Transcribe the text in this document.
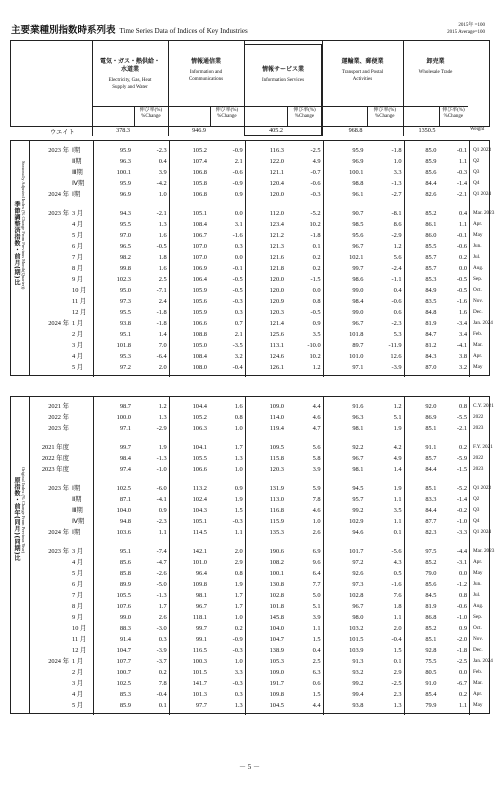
主要業種別指数時系列表 Time Series Data of Indices of Key Industries
2015年 =100
2015 Average=100
電気・ガス・熱供給・
水道業
Electricity, Gas, Heat
Supply and Water
伸び率(%)
%Change
情報通信業
Information and
Communications
伸び率(%)
%Change
情報サービス業
Information Services
伸び率(%)
%Change
運輸業、郵便業
Transport and Postal
Activities
伸び率(%)
%Change
卸売業
Wholesale Trade
伸び率(%)
%Change
季節調整済指数・前月(期)比 Seasonally Adjusted Index (% Change From Previous Month(Quarter))
2023 年 Ⅰ期	95.9	-2.3	105.2	-0.9	116.3	-2.5	95.9	-1.8	85.0	-0.1 Q1 2023
Ⅱ期	96.3	0.4	107.4	2.1	122.0	4.9	96.9	1.0	85.9	1.1 Q2
Ⅲ期	100.1	3.9	106.8	-0.6	121.1	-0.7	100.1	3.3	85.6	-0.3 Q3
Ⅳ期	95.9	-4.2	105.8	-0.9	120.4	-0.6	98.8	-1.3	84.4	-1.4 Q4
2024 年 Ⅰ期	96.9	1.0	106.8	0.9	120.0	-0.3	96.1	-2.7	82.6	-2.1 Q1 2024
2023 年 3 月	94.3	-2.1	105.1	0.0	112.0	-5.2	90.7	-8.1	85.2	0.4 Mar. 2023
4 月	95.5	1.3	108.4	3.1	123.4	10.2	98.5	8.6	86.1	1.1 Apr.
5 月	97.0	1.6	106.7	-1.6	121.2	-1.8	95.6	-2.9	86.0	-0.1 May
6 月	96.5	-0.5	107.0	0.3	121.3	0.1	96.7	1.2	85.5	-0.6 Jun.
7 月	98.2	1.8	107.0	0.0	121.6	0.2	102.1	5.6	85.7	0.2 Jul.
8 月	99.8	1.6	106.9	-0.1	121.8	0.2	99.7	-2.4	85.7	0.0 Aug.
9 月	102.3	2.5	106.4	-0.5	120.0	-1.5	98.6	-1.1	85.3	-0.5 Sep.
10 月	95.0	-7.1	105.9	-0.5	120.0	0.0	99.0	0.4	84.9	-0.5 Oct.
11 月	97.3	2.4	105.6	-0.3	120.9	0.8	98.4	-0.6	83.5	-1.6 Nov.
12 月	95.5	-1.8	105.9	0.3	120.3	-0.5	99.0	0.6	84.8	1.6 Dec.
2024 年 1 月	93.8	-1.8	106.6	0.7	121.4	0.9	96.7	-2.3	81.9	-3.4 Jan. 2024
2 月	95.1	1.4	108.8	2.1	125.6	3.5	101.8	5.3	84.7	3.4 Feb.
3 月	101.8	7.0	105.0	-3.5	113.1	-10.0	89.7	-11.9	81.2	-4.1 Mar.
4 月	95.3	-6.4	108.4	3.2	124.6	10.2	101.0	12.6	84.3	3.8 Apr.
5 月	97.2	2.0	108.0	-0.4	126.1	1.2	97.1	-3.9	87.0	3.2 May
原指数・前年(同月)(同期)比 Original Index (% Change From Previous Year)
2021 年	98.7	1.2	104.4	1.6	109.0	4.4	91.6	1.2	92.0	0.8 C.Y. 2021
2022 年	100.0	1.3	105.2	0.8	114.0	4.6	96.3	5.1	86.9	-5.5 2022
2023 年	97.1	-2.9	106.3	1.0	119.4	4.7	98.1	1.9	85.1	-2.1 2023
2021 年度	99.7	1.9	104.1	1.7	109.5	5.6	92.2	4.2	91.1	0.2 F.Y. 2021
2022 年度	98.4	-1.3	105.5	1.3	115.8	5.8	96.7	4.9	85.7	-5.9 2022
2023 年度	97.4	-1.0	106.6	1.0	120.3	3.9	98.1	1.4	84.4	-1.5 2023
2023 年 Ⅰ期	102.5	-6.0	113.2	0.9	131.9	5.9	94.5	1.9	85.1	-5.2 Q1 2023
Ⅱ期	87.1	-4.1	102.4	1.9	113.0	7.8	95.7	1.1	83.3	-1.4 Q2
Ⅲ期	104.0	0.9	104.3	1.5	116.8	4.6	99.2	3.5	84.4	-0.2 Q3
Ⅳ期	94.8	-2.3	105.1	-0.3	115.9	1.0	102.9	1.1	87.7	-1.0 Q4
2024 年 Ⅰ期	103.6	1.1	114.5	1.1	135.3	2.6	94.6	0.1	82.3	-3.3 Q1 2024
2023 年 3 月	95.1	-7.4	142.1	2.0	190.6	6.9	101.7	-5.6	97.5	-4.4 Mar. 2023
4 月	85.6	-4.7	101.0	2.9	108.2	9.6	97.2	4.3	85.2	-3.1 Apr.
5 月	85.8	-2.6	96.4	0.8	100.1	6.4	92.6	0.5	79.0	0.0 May
6 月	89.9	-5.0	109.8	1.9	130.8	7.7	97.3	-1.6	85.6	-1.2 Jun.
7 月	105.5	-1.3	98.1	1.7	102.8	5.0	102.8	7.6	84.5	0.8 Jul.
8 月	107.6	1.7	96.7	1.7	101.8	5.1	96.7	1.8	81.9	-0.6 Aug.
9 月	99.0	2.6	118.1	1.0	145.8	3.9	98.0	1.1	86.8	-1.0 Sep.
10 月	88.3	-3.0	99.7	0.2	104.0	1.1	103.2	2.0	85.2	0.9 Oct.
11 月	91.4	0.3	99.1	-0.9	104.7	1.5	101.5	-0.4	85.1	-2.0 Nov.
12 月	104.7	-3.9	116.5	-0.3	138.9	0.4	103.9	1.5	92.8	-1.8 Dec.
2024 年 1 月	107.7	-3.7	100.3	1.0	105.3	2.5	91.3	0.1	75.5	-2.5 Jan. 2024
2 月	100.7	0.2	101.5	3.3	109.0	6.3	93.2	2.9	80.5	0.0 Feb.
3 月	102.5	7.8	141.7	-0.3	191.7	0.6	99.2	-2.5	91.0	-6.7 Mar.
4 月	85.3	-0.4	101.3	0.3	109.8	1.5	99.4	2.3	85.4	0.2 Apr.
5 月	85.9	0.1	97.7	1.3	104.5	4.4	93.8	1.3	79.9	1.1 May
－ 5 －
ウエイト	378.3	946.9	405.2	968.8	1350.5	Weight
